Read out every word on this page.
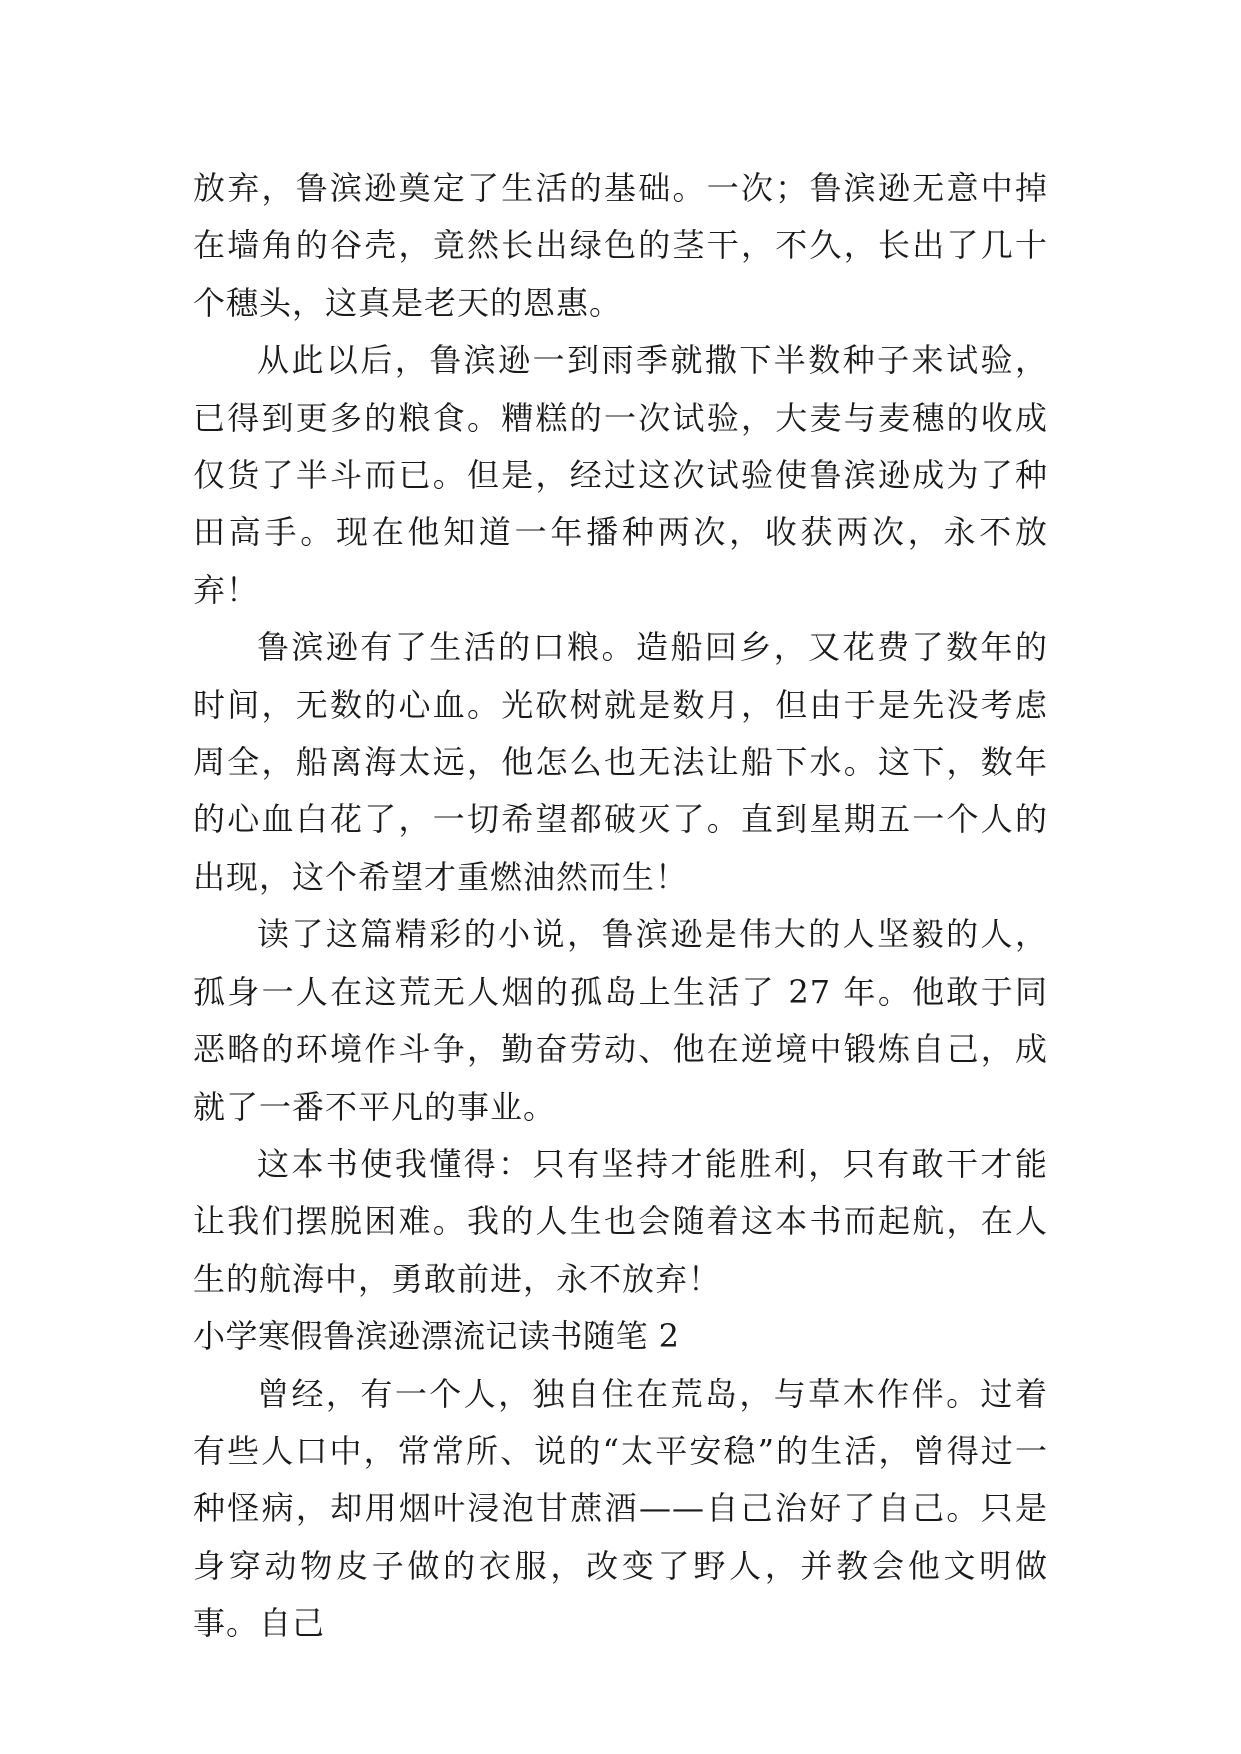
放弃，鲁滨逊奠定了生活的基础。一次；鲁滨逊无意中掉在墙角的谷壳，竟然长出绿色的茎干，不久，长出了几十个穗头，这真是老天的恩惠。

从此以后，鲁滨逊一到雨季就撒下半数种子来试验，已得到更多的粮食。糟糕的一次试验，大麦与麦穗的收成仅货了半斗而已。但是，经过这次试验使鲁滨逊成为了种田高手。现在他知道一年播种两次，收获两次，永不放弃！

鲁滨逊有了生活的口粮。造船回乡，又花费了数年的时间，无数的心血。光砍树就是数月，但由于是先没考虑周全，船离海太远，他怎么也无法让船下水。这下，数年的心血白花了，一切希望都破灭了。直到星期五一个人的出现，这个希望才重燃油然而生！

读了这篇精彩的小说，鲁滨逊是伟大的人坚毅的人，孤身一人在这荒无人烟的孤岛上生活了 27 年。他敢于同恶略的环境作斗争，勤奋劳动、他在逆境中锻炼自己，成就了一番不平凡的事业。

这本书使我懂得：只有坚持才能胜利，只有敢干才能让我们摆脱困难。我的人生也会随着这本书而起航，在人生的航海中，勇敢前进，永不放弃！

小学寒假鲁滨逊漂流记读书随笔 2

曾经，有一个人，独自住在荒岛，与草木作伴。过着有些人口中，常常所、说的“太平安稳”的生活，曾得过一种怪病，却用烟叶浸泡甘蔗酒——自己治好了自己。只是身穿动物皮子做的衣服，改变了野人，并教会他文明做事。自己
